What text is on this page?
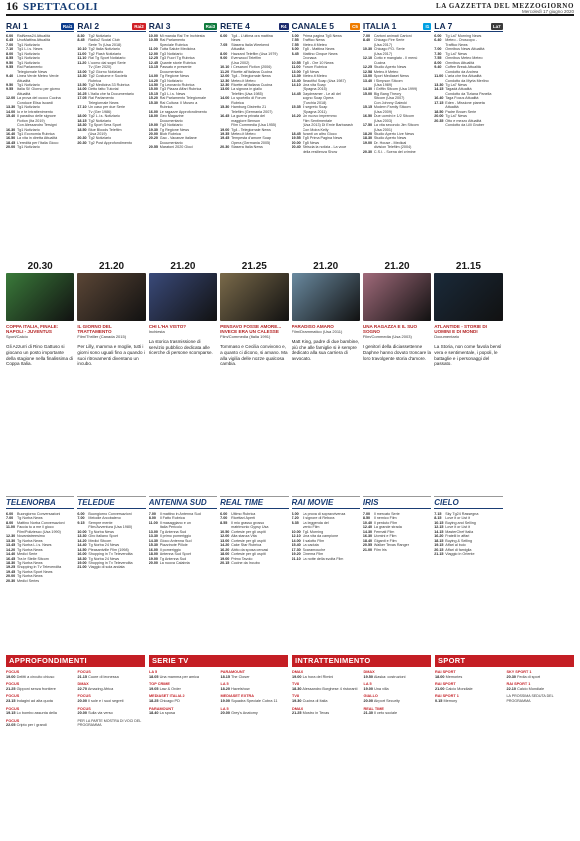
16 SPETTACOLI	LA GAZZETTA DEL MEZZOGIORNO
Mercoledì 17 giugno 2020
RAI 1	Rai1
6.00	RaiNews24 Attualità
6.45	UnoMattina Attualità
7.00	Tg1 Notiziario
7.10	Tg1 L.i.s. News
8.00	Tg1 Notiziario
8.55	Tg1 Notiziario
9.50	Tg1 Notiziario
9.55	Rai Parlamento
Telegiornale News
9.40	Linea Verde Meteo Verde
Attualità
9.50	Tg1 Notiziario
9.55	Italia Sì! Giorno per giorno
Attualità
12.00 La prova del cuoco Cucina
Conduce Elisa Isoardi
13.30 Tg1 Notiziario
14.00 Io e te Intrattenimento
15.40 Il paradiso delle signore
Fiction (Ita 2019)
Con Alessandro Tersigni
16.30 Tg1 Notiziario
16.40 Tg1 Economia Rubrica
16.50 La vita in diretta Attualità
18.45 L'eredità per l'Italia Gioco
20.00 Tg1 Notiziario
RAI 2	Rai2
8.30	Tg2 Notiziario
8.45	Radio2 Social Club
Serie Tv (Usa 2018)
10.10 Tg2 Italia Notiziario
11.00 Tg2 Flash Notiziario
11.10 Rai Tg Sport Notiziario
11.20 L'uomo dai sogni Serie
Tv (Ger 2020)
13.00 Tg2 Giorno Notiziario
13.30 Tg2 Costume e Società
Rubrica
13.50 Tg2 Medicina 33 Rubrica
14.00 Detto fatto Tutorial
16.25 L'Italia che fa Documentario
17.05 Rai Parlamento
Telegiornale News
17.10 Un caso per due Serie
Tv (Ger 1986)
18.00 Tg2 L.i.s. Notiziario
18.15 Tg2 Notiziario
18.30 Tg Sport Sera Sport
18.50 Blue Bloods Telefilm
(Usa 2019)
20.30 Tg2 Notiziario
20.30 Tg2 Post Approfondimento
RAI 3	Rai3
10.00 Mi manda Rai Tre Inchiesta
10.55 Rai Parlamento
Speciale Rubrica
11.00 Tutta Salute Medicina
12.00 Tg3 Notiziario
12.25 Tg3 Fuori Tg Rubrica
12.45 Quante storie Rubrica
13.15 Passato e presente
Documentario
14.00 Tg Regione News
14.20 Tg3 Notiziario
14.50 Tg Leonardo Rubrica
15.00 Tg3 Piazza Affari Rubrica
15.15 Tg3 L.i.s. News
15.20 Rai Parlamento Telegiornale
15.30 Rai Cultura: Il Museo a
Rubrica
16.00 Le ragazze Approfondimento
18.00 Geo Magazine
Documentario
19.00 Tg3 Notiziario
19.30 Tg Regione News
20.00 Blob Rubrica
20.20 Gao - Vacanze italiane
Documentario
20.55 Maratoni 2020 Gioci
RETE 4	R4
6.00	Tg4 - L'ultima ora mattina
News
7.05	Stasera Italia Weekend
Attualità
8.00	Hazzard Telefilm (Usa 1979)
9.00	Everwood Telefilm
(Usa 2002)
10.10 I Cesaroni Fiction (2006)
11.20 Ricette all'italiana Cucina
12.00 Tg4 - Telegiornale News
12.30 Meteo.it Meteo
12.30 Ricette all'italiana Cucina
13.00 La signora in giallo
Telefilm (Usa 1985)
14.00 Lo sportello di Forum
Rubrica
15.30 Hamburg Distretto 21
Telefilm (Germania 2007)
16.45 La guerra privata del
maggiore Benson
Film Commedia (Usa 1955)
19.00 Tg4 - Telegiornale News
19.35 Meteo.it Meteo
19.45 Tempesta d'amore Soap
Opera (Germania 2005)
20.30 Stasera Italia News
CANALE 5	C5
6.00	Prima pagina Tg5 News
7.55	Traffico News
7.55	Meteo.it Meteo
8.00	Tg5 - Mattina News
8.45	Mattino Cinque News
Cronaca
10.55 Tg5 - Ore 10 News
11.00 Forum Rubrica
13.00 Tg5 News
13.39 Meteo.it Meteo
13.40 Beautiful Soap (Usa 1987)
14.10 Una vita Soap
(Spagna 2015)
14.45 Daydreamer - Le ali del
sogno Soap Opera
(Turchia 2018)
15.35 Il segreto Soap
(Spagna 2011)
16.20 Un nuovo impremmo
Film Sentimentale
(Usa 2013) Di Ernie Barbarash
Con Moira Kelly
18.45 Avanti un altro Gioco
19.55 Tg5 Prima Pagina News
20.00 Tg5 News
20.40 Striscia la notizia - La voce
della resilienza Show
ITALIA 1	I1
7.00	Cartoni animati Cartoni
8.40	Chicago Fire Serie
(Usa 2017)
10.30 Chicago P.D. Serie
(Usa 2017)
12.10 Cotto e mangiato - Il menù
Cucina
12.25 Studio Aperto News
12.58 Meteo.it Meteo
13.00 Sport Mediaset News
13.40 I Simpson Sitcom
(Usa 1989)
14.30 I Griffin Sitcom (Usa 1999)
15.00 Big Bang Theory
Sitcom (Usa 2007)
Con Johnny Galecki
15.15 Modern Family Sitcom
(Usa 2009)
16.50 Due uomini e 1/2 Sitcom
(Usa 2003)
17.50 La vita secondo Jim Sitcom
(Usa 2001)
18.20 Studio Aperto Live News
18.30 Studio Aperto News
19.00 Dr. House - Medical
division Telefilm (2004)
20.30 C.S.I. - Scena del crimine
LA 7	La7
6.00	Tg La7 Morning News
6.40	Meteo - Oroscopo -
Traffico News
7.00	Omnibus News Attualità
7.30	Tg La7 News
7.55	Omnibus Meteo Meteo
8.00	Omnibus Attualità
9.40	Coffee Break Attualità
Condotto da Andrea
11.00 L'aria che tira Attualità
Condotto da Myrta Merlino
13.30 Tg La7 News
14.15 Tagadà Attualità
Condotto da Tiziana Panella
16.40 Taga Focus Attualità
17.15 Eden - Missione pianeta
Attualità
18.50 Padre Brown Serie
20.00 Tg La7 News
20.35 Otto e mezzo Attualità
Condotto da Lilli Gruber
20.30
COPPA ITALIA, FINALE: NAPOLI - JUVENTUS
Sport/Calcio
Gli Azzurri di Rino Gattuso si giocano un posto importante della stagione nella finalissima di Coppa Italia.
21.20
IL GIORNO DEL TRATTAMENTO
Film/Thriller (Canada 2015)
Per Lilly, mamma e moglie, tutti i giorni sono uguali fino a quando i suoi ritrovamenti diventano un incubo.
21.20
CHI L'HA VISTO?
Inchiesta
La storica trasmissione di servizio pubblico dedicata alle ricerche di persone scomparse.
21.25
PENSAVO FOSSE AMORE... INVECE ERA UN CALESSE
Film/Commedia (Italia 1991)
Tommaso e Cecilia convivono e, a quanto ci dicono, si amano. Ma alla vigilia delle nozze qualcosa cambia.
21.20
PARADISO AMARO
Film/Drammatico (Usa 2011)
Matt King, padre di due bambine, più che alle famiglie si è sempre dedicato alla sua carriera di avvocato.
21.20
UNA RAGAZZA E IL SUO SOGNO
Film/Commedia (Usa 2003)
I genitori della diciassettenne Daphne hanno dovuto troncare la loro travolgente storia d'amore.
21.15
ATLANTIDE - STORIE DI UOMINI E DI MONDI
Documentario
La Storia, non come favola bensì vera e sentimentale, i popoli, le battaglie e i personaggi del passato.
TELENORBA
6.00	Buongiorno Conversazioni
7.00	Tg Norba News
8.00	Mattino Norba Conversazioni
11.00 Faccia tu a me il gioco
Film/Poliziesco (Usa 1990)
12.30 Novantatreesimo
13.30 Tg Norba News
13.45 Tg Norba L.i.s. News
14.20 Tg Norba News
14.40 Medici Serie
16.45 Tra le Stelle Sitcom
18.30 Tg Norba News
19.25 Shopping in Tv Televendita
19.45 Tg Norba Sport News
20.00 Tg Norba News
20.30 Medici Series
TELEDUE
6.00	Buongiorno Conversazioni
7.00	Melodie Arcobaleno
9.15	Sempre mente
Film/Avventura (Usa 1980)
10.00 Tg Norba News
13.30 Giro italiano Sport
14.20 Medici Sitcom
14.40 Tg Norba 24 News
14.50 Pleasantville Film (1998)
16.00 Shopping in Tv Televendita
18.30 Tg Norba 24 News
19.00 Shopping in Tv Televendita
21.00 Viaggio di sola andata
ANTENNA SUD
7.00	Il mattino in Antenna Sud
8.00	Il Fatto Rubrica
11.00 Il masaggiano e un
Italia Pericolo
13.00 Tg Antenna Sud
13.30 Il primo pomeriggio
14.30 Gioco Antenna Sud
15.30 Piazzinote Pillole
16.00 Il pomeriggio
18.00 Antenna Sud Sport
19.00 Tg Antenna Sud
20.00 La nuova Calabria
REAL TIME
6.00	Ultimo Rubrica
7.00	Ricettari Aperti
8.55	Il mio grasso grosso
matrimonio Gypsy Usa
10.50 Cortesie per gli ospiti
12.00 Alta stanza Vita
13.00 Cortesie per gli ospiti
14.20 Cake Star Rubrica
16.20 Abito da sposa cercasi
18.00 Cortesie per gli ospiti
19.00 Primo Tavolo
20.15 Cucine da Incubo
RAI MOVIE
6.00	La prova di sopravvivenza
7.20	Il signore di Rebora
8.35	La leggenda del
vento Film
10.00 Tg1 Morning
12.10 Una vita da campione
14.00 Il salotto Film
15.40 La caduta
17.30 Scaramouche
19.20 Cinema Film
21.10 La notte della svolta Film
IRIS
7.00	Il mercato Serie
8.50	Il nemico Film
10.40 Il perduto Film
12.40 La grande strada
14.30 Fermati Film
16.30 Uomini e Film
18.40 Giganti e Film
20.55 Walker Texas Ranger
21.00 Film Iris
CIELO
7.15	Sky Tg24 Rassegna
8.15	Love it or List it
10.15 Buying and Selling
12.15 Love it or List it
14.15 MasterChef Italia
16.20 Fratelli in affari
18.15 Buying & Selling
19.15 Affari al buio
20.15 Affari di famiglia
21.15 Viaggio in Oriente
APPROFONDIMENTI
FOCUS
19.00 Delitti a circuito chiuso
FOCUS
21.15 Cuore di leonessa
FOCUS
21.25 Gipponi senza frontiere
DMAX
22.70 Amazing Africa
FOCUS
23.15 Indagini ad alta quota
FOCUS
20.00 Il sole e i suoi segreti
FOCUS
19.15 Lo bombo assunta della
FOCUS
20.00 Sulla via verso
FOCUS
22.05 Cripto per i grandi
PER LA PARTE MOSTRA DI VOCI DEL PROGRAMMA
SERIE TV
LA 5
18.05 Una mamma per amica
PARAMOUNT
18.15 The Closer
TOP CRIME
19.05 Law & Order
LA 5
18.20 Havelshow
MEDIASET ITALIA 2
18.25 Chicago PD
MEDIASET EXTRA
19.00 Squadra Speciale Cobra 11
PARAMOUNT
18.40 La sposa
LA 5
20.00 Grey's Anatomy
INTRATTENIMENTO
DMAX
19.00 La hora del Rimini
DMAX
19.50 Alaska: costruzioni
TV8
18.30 Alessandro Borghese 4 ristoranti
LA 5
19.00 Una villa
TV8
19.30 Cucina di Italia
GIALLO
20.00 Airport Security
DMAX
21.25 Mostro in Texas
REAL TIME
21.30 Il ceto sociale
SPORT
RAI SPORT
18.00 Memories
SKY SPORT 1
20.30 Fedia di sport
RAI SPORT
21.00 Calcio Mondiale
RAI SPORT 1
22.10 Calcio Mondiale
RAI SPORT 1
0.15 Memory
LA PROSSIMA SEDUTA DEL PROGRAMMA
